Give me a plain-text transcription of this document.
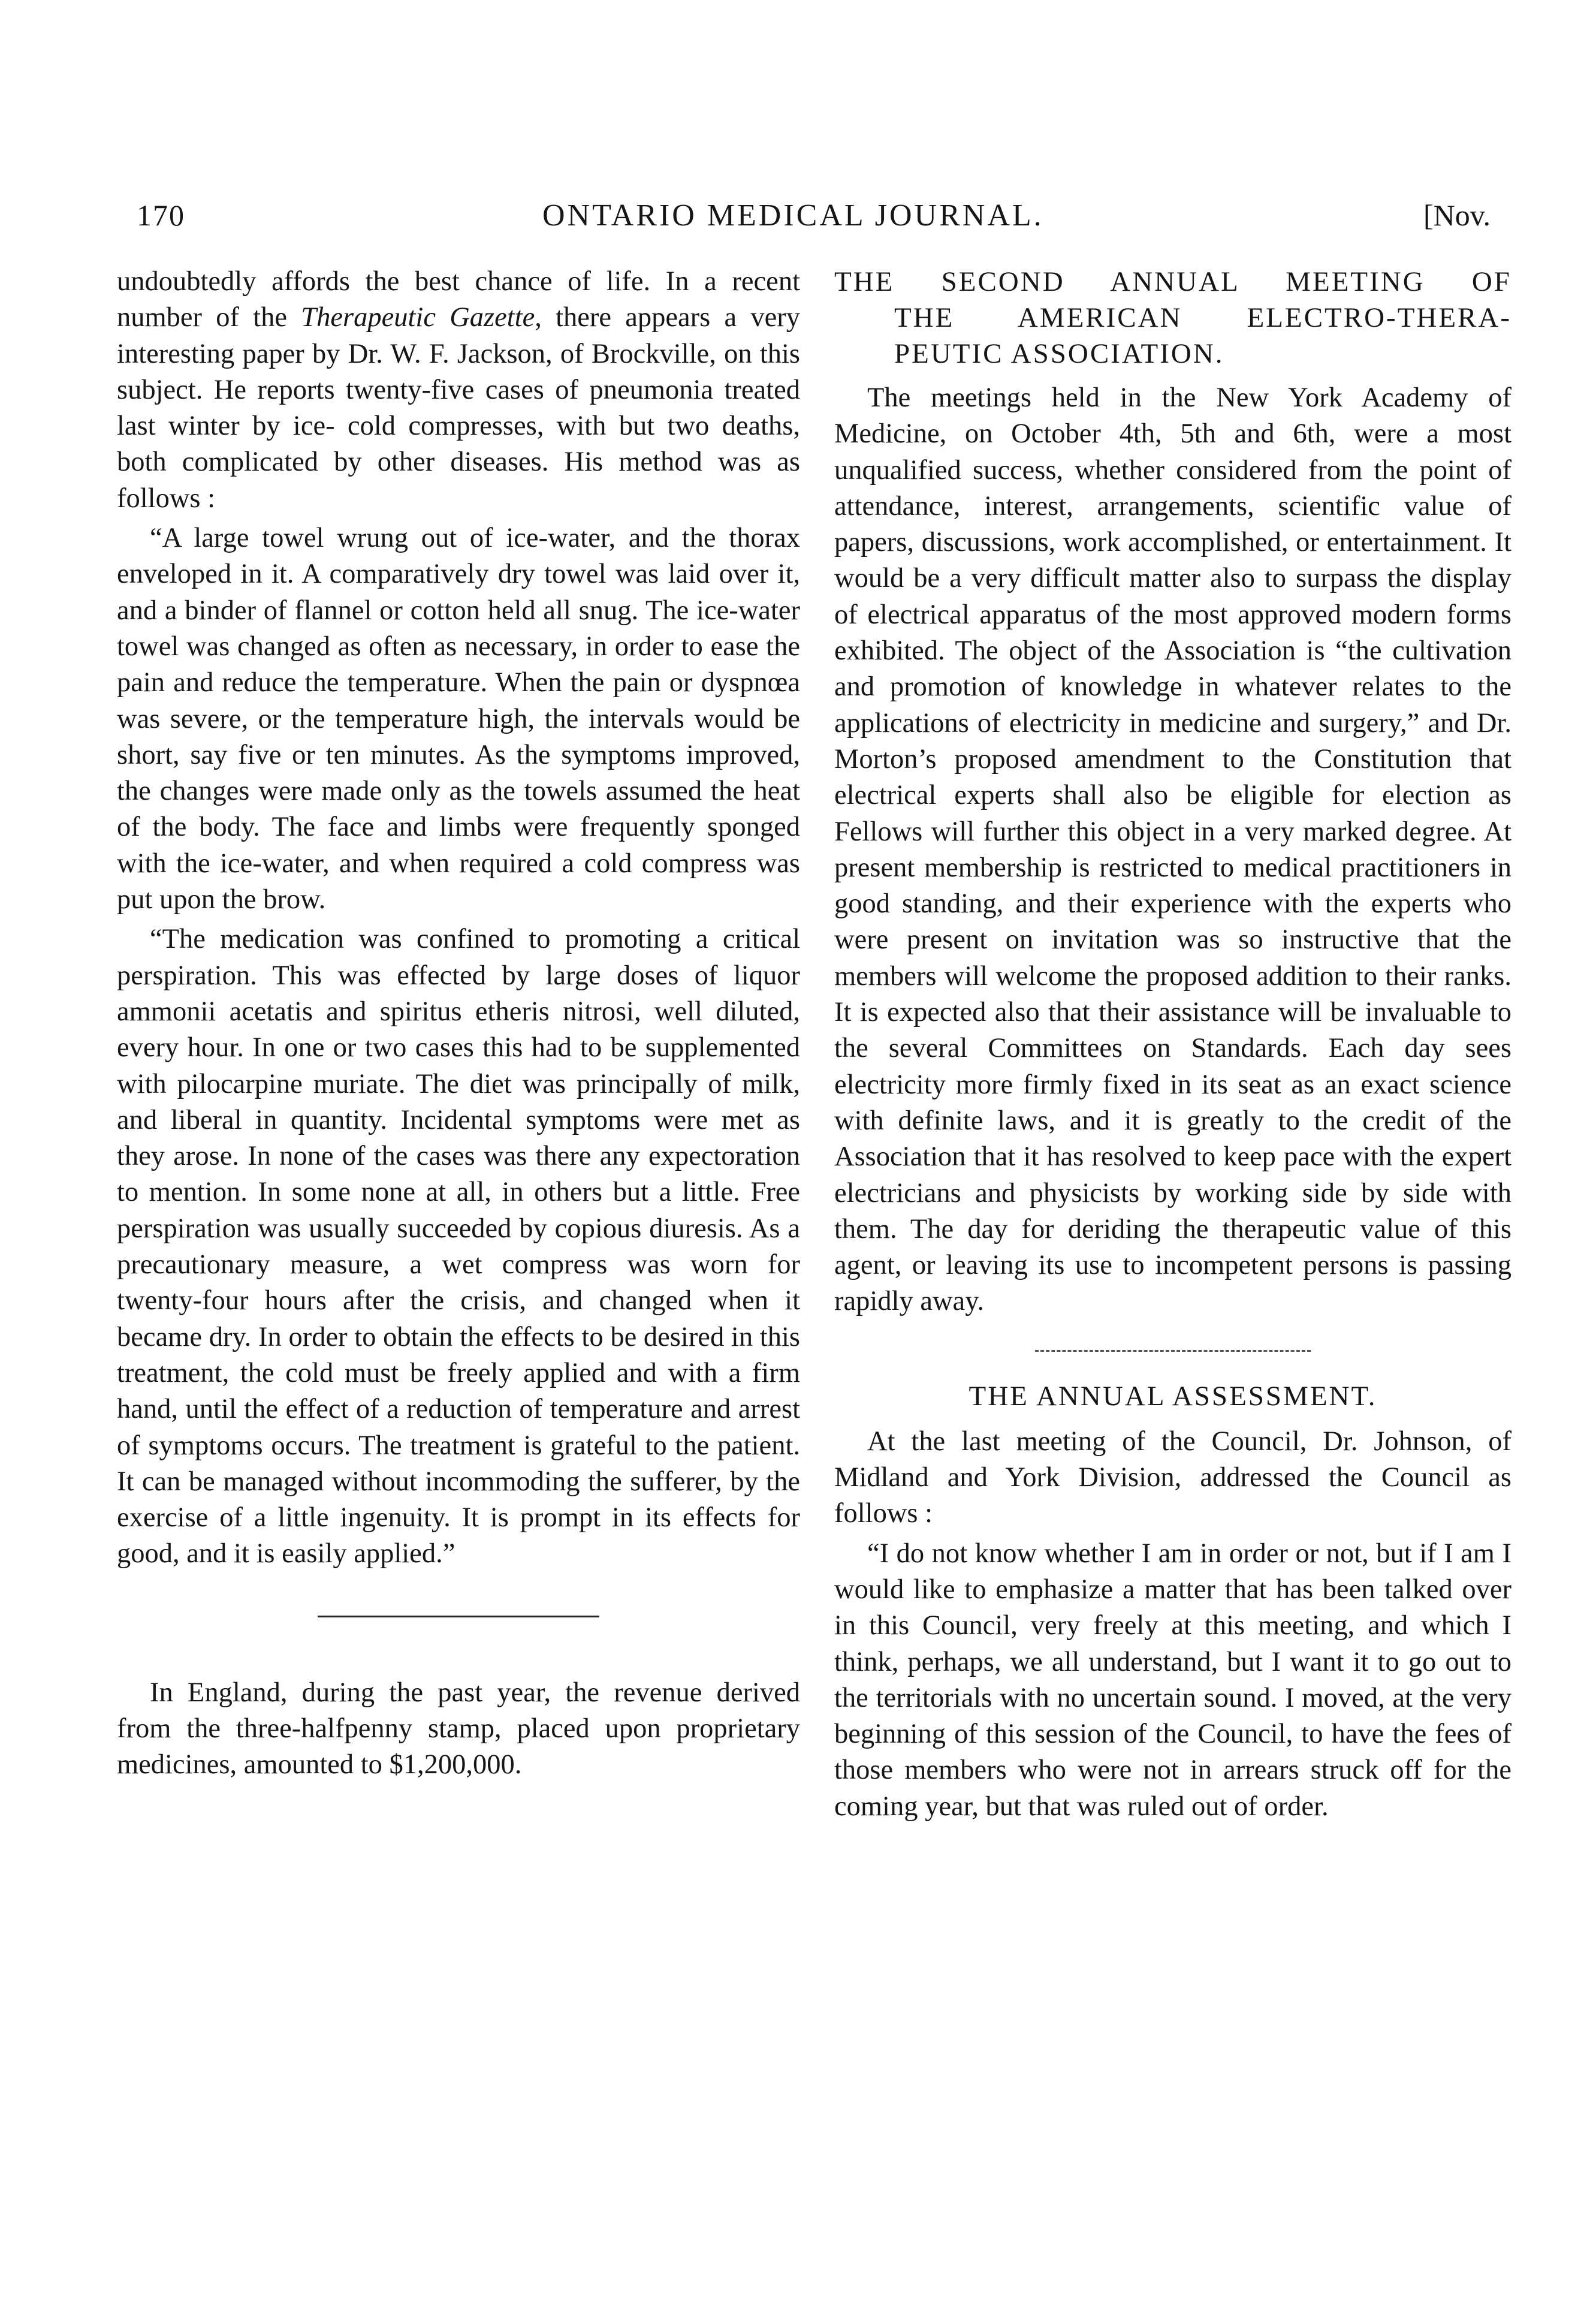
170	ONTARIO MEDICAL JOURNAL.	[Nov.

undoubtedly affords the best chance of life. In a recent number of the Therapeutic Gazette, there appears a very interesting paper by Dr. W. F. Jackson, of Brockville, on this subject. He reports twenty-five cases of pneumonia treated last winter by ice- cold compresses, with but two deaths, both complicated by other diseases. His method was as follows :

“A large towel wrung out of ice-water, and the thorax enveloped in it. A comparatively dry towel was laid over it, and a binder of flannel or cotton held all snug. The ice-water towel was changed as often as necessary, in order to ease the pain and reduce the temperature. When the pain or dyspnœa was severe, or the temperature high, the intervals would be short, say five or ten minutes. As the symptoms improved, the changes were made only as the towels assumed the heat of the body. The face and limbs were frequently sponged with the ice-water, and when required a cold compress was put upon the brow.

“The medication was confined to promoting a critical perspiration. This was effected by large doses of liquor ammonii acetatis and spiritus etheris nitrosi, well diluted, every hour. In one or two cases this had to be supplemented with pilocarpine muriate. The diet was principally of milk, and liberal in quantity. Incidental symptoms were met as they arose. In none of the cases was there any expectoration to mention. In some none at all, in others but a little. Free perspiration was usually succeeded by copious diuresis. As a precautionary measure, a wet compress was worn for twenty-four hours after the crisis, and changed when it became dry. In order to obtain the effects to be desired in this treatment, the cold must be freely applied and with a firm hand, until the effect of a reduction of temperature and arrest of symptoms occurs. The treatment is grateful to the patient. It can be managed without incommoding the sufferer, by the exercise of a little ingenuity. It is prompt in its effects for good, and it is easily applied.”

In England, during the past year, the revenue derived from the three-halfpenny stamp, placed upon proprietary medicines, amounted to $1,200,000.

THE SECOND ANNUAL MEETING OF
THE AMERICAN ELECTRO-THERA-
PEUTIC ASSOCIATION.

The meetings held in the New York Academy of Medicine, on October 4th, 5th and 6th, were a most unqualified success, whether considered from the point of attendance, interest, arrangements, scientific value of papers, discussions, work accomplished, or entertainment. It would be a very difficult matter also to surpass the display of electrical apparatus of the most approved modern forms exhibited. The object of the Association is “the cultivation and promotion of knowledge in whatever relates to the applications of electricity in medicine and surgery,” and Dr. Morton’s proposed amendment to the Constitution that electrical experts shall also be eligible for election as Fellows will further this object in a very marked degree. At present membership is restricted to medical practitioners in good standing, and their experience with the experts who were present on invitation was so instructive that the members will welcome the proposed addition to their ranks. It is expected also that their assistance will be invaluable to the several Committees on Standards. Each day sees electricity more firmly fixed in its seat as an exact science with definite laws, and it is greatly to the credit of the Association that it has resolved to keep pace with the expert electricians and physicists by working side by side with them. The day for deriding the therapeutic value of this agent, or leaving its use to incompetent persons is passing rapidly away.

THE ANNUAL ASSESSMENT.

At the last meeting of the Council, Dr. Johnson, of Midland and York Division, addressed the Council as follows :

“I do not know whether I am in order or not, but if I am I would like to emphasize a matter that has been talked over in this Council, very freely at this meeting, and which I think, perhaps, we all understand, but I want it to go out to the territorials with no uncertain sound. I moved, at the very beginning of this session of the Council, to have the fees of those members who were not in arrears struck off for the coming year, but that was ruled out of order.
